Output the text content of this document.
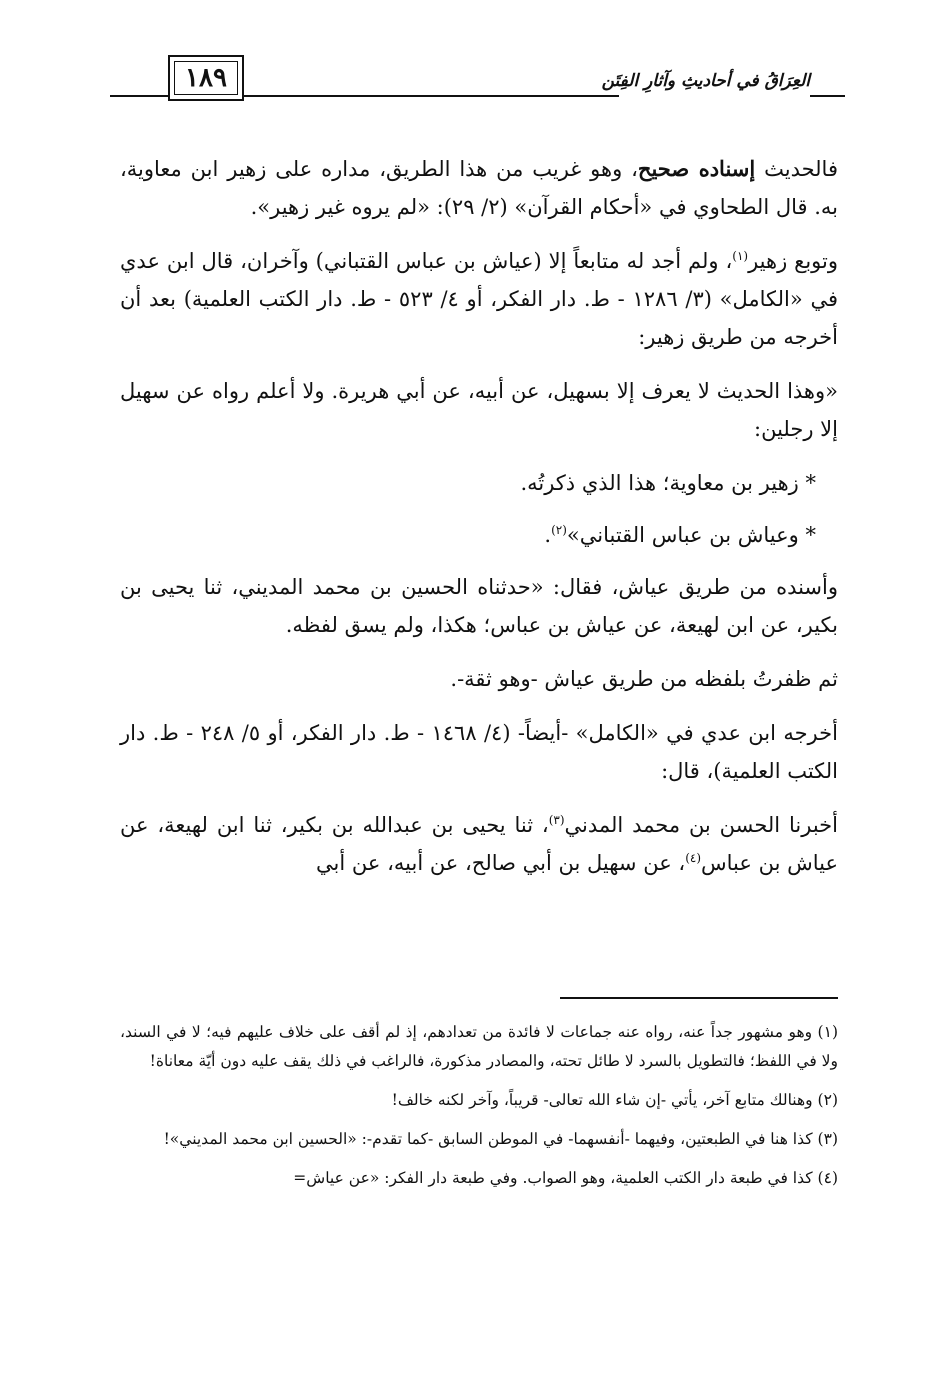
١٨٩	العِرَاقُ في أحاديثِ وآثارِ الفِتَن

فالحديث إسناده صحيح، وهو غريب من هذا الطريق، مداره على زهير ابن معاوية، به. قال الطحاوي في «أحكام القرآن» (٢/ ٢٩): «لم يروه غير زهير».

وتوبع زهير$^{(١)}$، ولم أجد له متابعاً إلا (عياش بن عباس القتباني) وآخران، قال ابن عدي في «الكامل» (٣/ ١٢٨٦ - ط. دار الفكر، أو ٤/ ٥٢٣ - ط. دار الكتب العلمية) بعد أن أخرجه من طريق زهير:

«وهذا الحديث لا يعرف إلا بسهيل، عن أبيه، عن أبي هريرة. ولا أعلم رواه عن سهيل إلا رجلين:

* زهير بن معاوية؛ هذا الذي ذكرتُه.

* وعياش بن عباس القتباني»$^{(٢)}$.

وأسنده من طريق عياش، فقال: «حدثناه الحسين بن محمد المديني، ثنا يحيى بن بكير، عن ابن لهيعة، عن عياش بن عباس؛ هكذا، ولم يسق لفظه.

ثم ظفرتُ بلفظه من طريق عياش -وهو ثقة-.

أخرجه ابن عدي في «الكامل» -أيضاً- (٤/ ١٤٦٨ - ط. دار الفكر، أو ٥/ ٢٤٨ - ط. دار الكتب العلمية)، قال:

أخبرنا الحسن بن محمد المدني$^{(٣)}$، ثنا يحيى بن عبدالله بن بكير، ثنا ابن لهيعة، عن عياش بن عباس$^{(٤)}$، عن سهيل بن أبي صالح، عن أبيه، عن أبي

(١) وهو مشهور جداً عنه، رواه عنه جماعات لا فائدة من تعدادهم، إذ لم أقف على خلاف عليهم فيه؛ لا في السند، ولا في اللفظ؛ فالتطويل بالسرد لا طائل تحته، والمصادر مذكورة، فالراغب في ذلك يقف عليه دون أيّة معاناة!

(٢) وهنالك متابع آخر، يأتي -إن شاء الله تعالى- قريباً، وآخر لكنه خالف!

(٣) كذا هنا في الطبعتين، وفيهما -أنفسهما- في الموطن السابق -كما تقدم-: «الحسين ابن محمد المديني»!

(٤) كذا في طبعة دار الكتب العلمية، وهو الصواب. وفي طبعة دار الفكر: «عن عياش=
